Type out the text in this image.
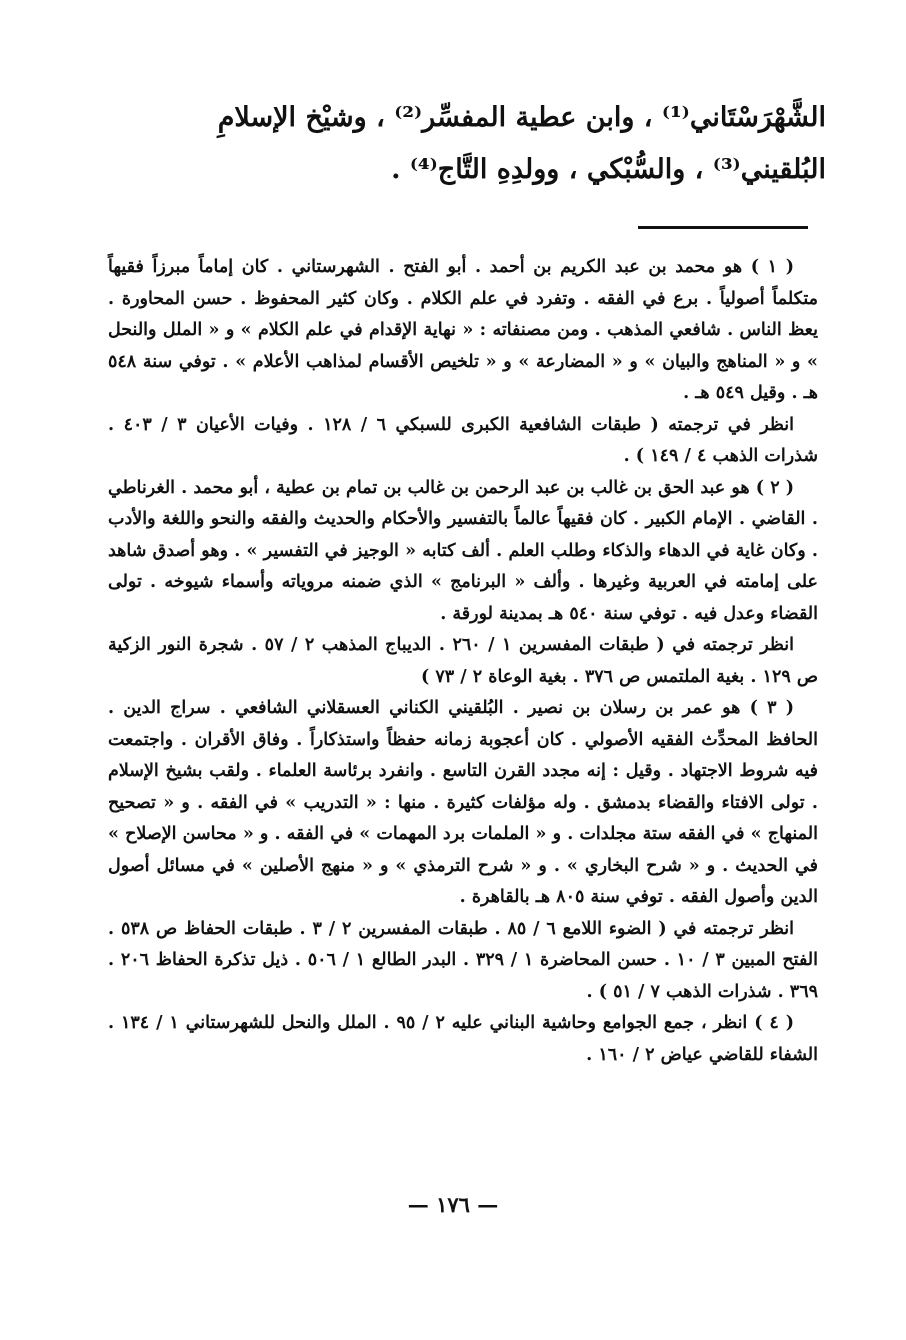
الشَّهْرَسْتَاني⁽¹⁾ ، وابن عطية المفسِّر⁽²⁾ ، وشيْخ الإسلامِ البُلقيني⁽³⁾ ، والسُّبْكي ، وولدِهِ التَّاج⁽⁴⁾ .

( ١ ) هو محمد بن عبد الكريم بن أحمد . أبو الفتح . الشهرستاني . كان إماماً مبرزاً فقيهاً متكلماً أصولياً . برع في الفقه . وتفرد في علم الكلام . وكان كثير المحفوظ . حسن المحاورة . يعظ الناس . شافعي المذهب . ومن مصنفاته : « نهاية الإقدام في علم الكلام » و « الملل والنحل » و « المناهج والبيان » و « المضارعة » و « تلخيص الأقسام لمذاهب الأعلام » . توفي سنة ٥٤٨ هـ . وقيل ٥٤٩ هـ .

انظر في ترجمته ( طبقات الشافعية الكبرى للسبكي ٦ / ١٢٨ . وفيات الأعيان ٣ / ٤٠٣ . شذرات الذهب ٤ / ١٤٩ ) .

( ٢ ) هو عبد الحق بن غالب بن عبد الرحمن بن غالب بن تمام بن عطية ، أبو محمد . الغرناطي . القاضي . الإمام الكبير . كان فقيهاً عالماً بالتفسير والأحكام والحديث والفقه والنحو واللغة والأدب . وكان غاية في الدهاء والذكاء وطلب العلم . ألف كتابه « الوجيز في التفسير » . وهو أصدق شاهد على إمامته في العربية وغيرها . وألف « البرنامج » الذي ضمنه مروياته وأسماء شيوخه . تولى القضاء وعدل فيه . توفي سنة ٥٤٠ هـ بمدينة لورقة .

انظر ترجمته في ( طبقات المفسرين ١ / ٢٦٠ . الديباج المذهب ٢ / ٥٧ . شجرة النور الزكية ص ١٢٩ . بغية الملتمس ص ٣٧٦ . بغية الوعاة ٢ / ٧٣ )

( ٣ ) هو عمر بن رسلان بن نصير . البُلقيني الكناني العسقلاني الشافعي . سراج الدين . الحافظ المحدِّث الفقيه الأصولي . كان أعجوبة زمانه حفظاً واستذكاراً . وفاق الأقران . واجتمعت فيه شروط الاجتهاد . وقيل : إنه مجدد القرن التاسع . وانفرد برئاسة العلماء . ولقب بشيخ الإسلام . تولى الافتاء والقضاء بدمشق . وله مؤلفات كثيرة . منها : « التدريب » في الفقه . و « تصحيح المنهاج » في الفقه ستة مجلدات . و « الملمات برد المهمات » في الفقه . و « محاسن الإصلاح » في الحديث . و « شرح البخاري » . و « شرح الترمذي » و « منهج الأصلين » في مسائل أصول الدين وأصول الفقه . توفي سنة ٨٠٥ هـ بالقاهرة .

انظر ترجمته في ( الضوء اللامع ٦ / ٨٥ . طبقات المفسرين ٢ / ٣ . طبقات الحفاظ ص ٥٣٨ . الفتح المبين ٣ / ١٠ . حسن المحاضرة ١ / ٣٢٩ . البدر الطالع ١ / ٥٠٦ . ذيل تذكرة الحفاظ ٢٠٦ . ٣٦٩ . شذرات الذهب ٧ / ٥١ ) .

( ٤ ) انظر ، جمع الجوامع وحاشية البناني عليه ٢ / ٩٥ . الملل والنحل للشهرستاني ١ / ١٣٤ . الشفاء للقاضي عياض ٢ / ١٦٠ .

— ١٧٦ —
